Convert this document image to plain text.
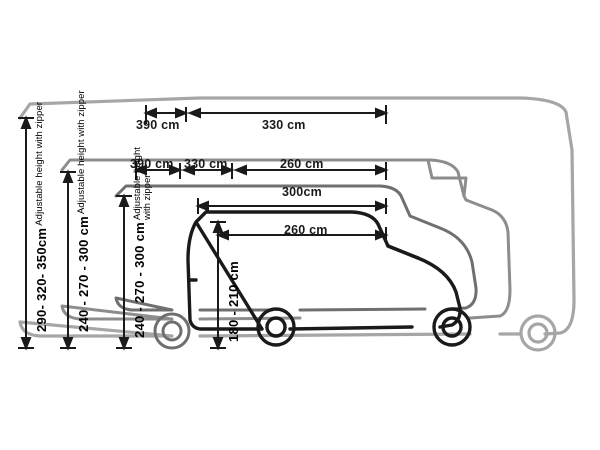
390 cm	330 cm
390 cm 330 cm	260 cm
300cm
260 cm
290- 320- 350cm
Adjustable height with zipper
240 - 270 - 300 cm
Adjustable height with zipper
240 - 270 - 300 cm
Adjustable height with zipper
180 - 210 cm
